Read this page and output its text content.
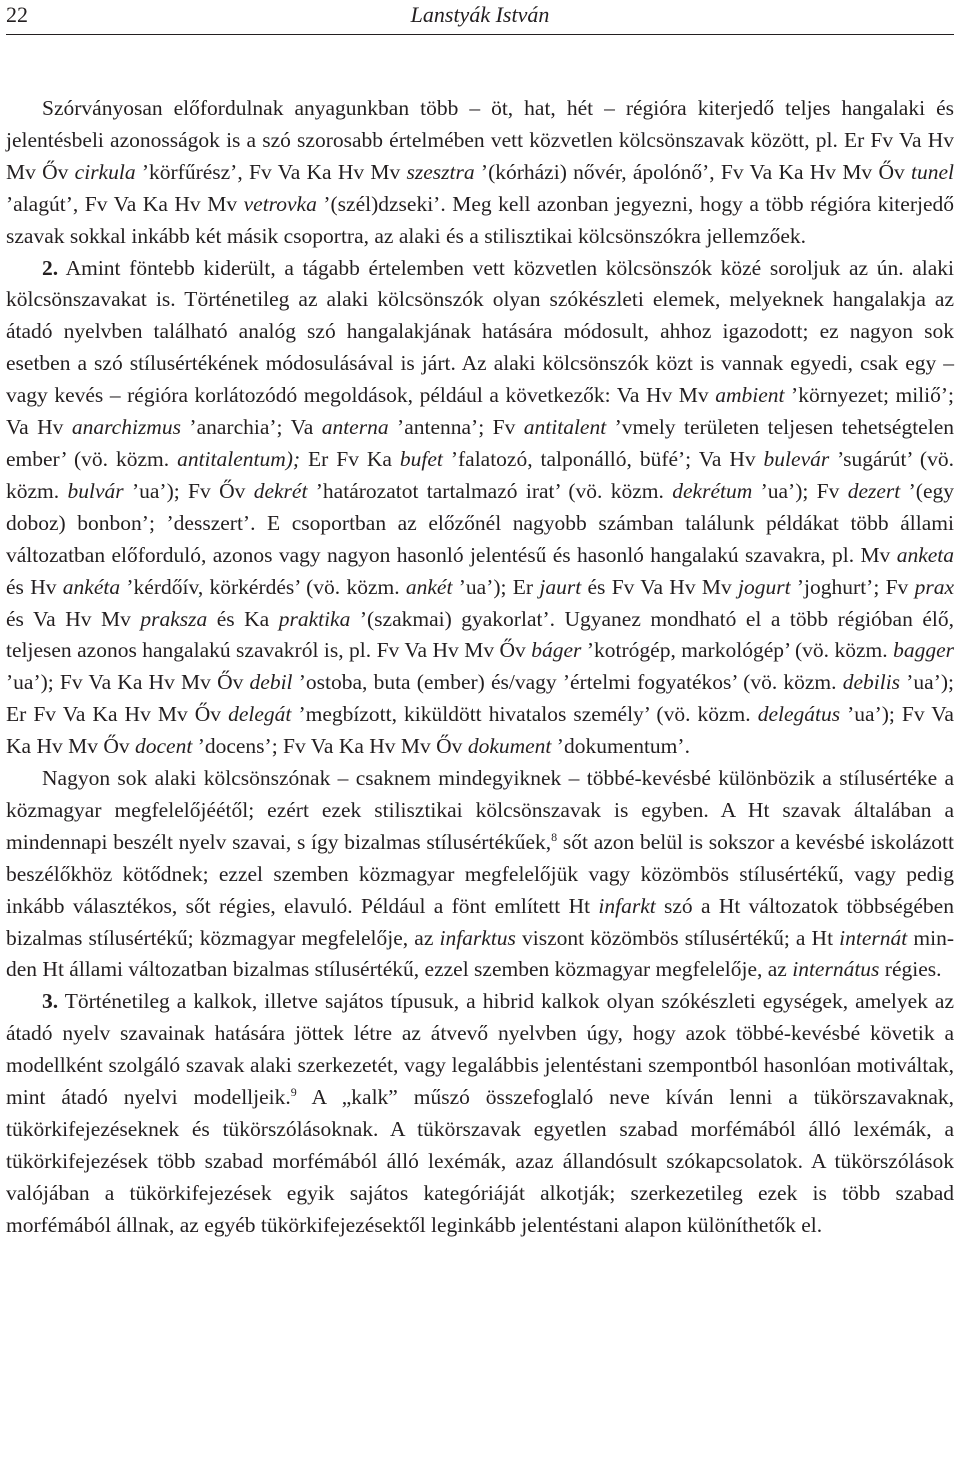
22	Lanstyák István

Szórványosan előfordulnak anyagunkban több – öt, hat, hét – régióra kiterjedő teljes hangalaki és jelentésbeli azonosságok is a szó szorosabb értelmében vett közvetlen kölcsönszavak között, pl. Er Fv Va Hv Mv Őv cirkula ’körfűrész’, Fv Va Ka Hv Mv szesztra ’(kórházi) nővér, ápolónő’, Fv Va Ka Hv Mv Őv tunel ’alagút’, Fv Va Ka Hv Mv vetrovka ’(szél)dzseki’. Meg kell azonban jegyezni, hogy a több régióra kiterjedő szavak sokkal inkább két másik csoportra, az alaki és a stilisztikai kölcsönszókra jellemzőek.

2. Amint föntebb kiderült, a tágabb értelemben vett közvetlen kölcsönszók közé soroljuk az ún. alaki kölcsönszavakat is. Történetileg az alaki kölcsönszók olyan szókészleti elemek, melyeknek hangalakja az átadó nyelvben található analóg szó hangalakjának hatására módosult, ahhoz igazodott; ez nagyon sok esetben a szó stílusértékének módosulásával is járt. Az alaki kölcsönszók közt is vannak egyedi, csak egy – vagy kevés – régióra korlátozódó megoldások, például a következők: Va Hv Mv ambient ’környezet; miliő’; Va Hv anarchizmus ’anarchia’; Va anterna ’antenna’; Fv antitalent ’vmely területen teljesen tehetségtelen ember’ (vö. közm. antitalentum); Er Fv Ka bufet ’falatozó, talponálló, büfé’; Va Hv bulevár ’sugárút’ (vö. közm. bulvár ’ua’); Fv Őv dekrét ’határozatot tartalmazó irat’ (vö. közm. dekrétum ’ua’); Fv dezert ’(egy doboz) bonbon’; ’desszert’. E csoportban az előzőnél nagyobb számban találunk példákat több állami változatban előforduló, azonos vagy nagyon hasonló jelentésű és hasonló hangalakú szavakra, pl. Mv anketa és Hv ankéta ’kérdőív, körkérdés’ (vö. közm. ankét ’ua’); Er jaurt és Fv Va Hv Mv jogurt ’joghurt’; Fv prax és Va Hv Mv praksza és Ka praktika ’(szakmai) gyakorlat’. Ugyanez mondható el a több régióban élő, teljesen azonos hangalakú szavakról is, pl. Fv Va Hv Mv Őv báger ’kotrógép, markológép’ (vö. közm. bagger ’ua’); Fv Va Ka Hv Mv Őv debil ’ostoba, buta (ember) és/vagy ’értelmi fogyatékos’ (vö. közm. debilis ’ua’); Er Fv Va Ka Hv Mv Őv delegát ’megbízott, kiküldött hivatalos személy’ (vö. közm. delegátus ’ua’); Fv Va Ka Hv Mv Őv docent ’docens’; Fv Va Ka Hv Mv Őv dokument ’dokumentum’.

Nagyon sok alaki kölcsönszónak – csaknem mindegyiknek – többé-kevésbé különbözik a stílusértéke a közmagyar megfelelőjéétől; ezért ezek stilisztikai kölcsönszavak is egyben. A Ht szavak általában a mindennapi beszélt nyelv szavai, s így bizalmas stílusértékűek,$^8$ sőt azon belül is sokszor a kevésbé iskolázott beszélőkhöz kötődnek; ezzel szemben közmagyar megfelelőjük vagy közömbös stílusértékű, vagy pedig inkább választékos, sőt régies, elavuló. Például a fönt említett Ht infarkt szó a Ht változatok többségében bizalmas stílusértékű; közmagyar megfelelője, az infarktus viszont közömbös stílusértékű; a Ht internát minden Ht állami változatban bizalmas stílusértékű, ezzel szemben közmagyar megfelelője, az internátus régies.

3. Történetileg a kalkok, illetve sajátos típusuk, a hibrid kalkok olyan szókészleti egységek, amelyek az átadó nyelv szavainak hatására jöttek létre az átvevő nyelvben úgy, hogy azok többé-kevésbé követik a modellként szolgáló szavak alaki szerkezetét, vagy legalábbis jelentéstani szempontból hasonlóan motiváltak, mint átadó nyelvi modelljeik.$^9$ A „kalk” műszó összefoglaló neve kíván lenni a tükörszavaknak, tükörkifejezéseknek és tükörszólásoknak. A tükörszavak egyetlen szabad morfémából álló lexémák, a tükörkifejezések több szabad morfémából álló lexémák, azaz állandósult szókapcsolatok. A tükörszólások valójában a tükörkifejezések egyik sajátos kategóriáját alkotják; szerkezetileg ezek is több szabad morfémából állnak, az egyéb tükörkifejezésektől leginkább jelentéstani alapon különíthetők el.
